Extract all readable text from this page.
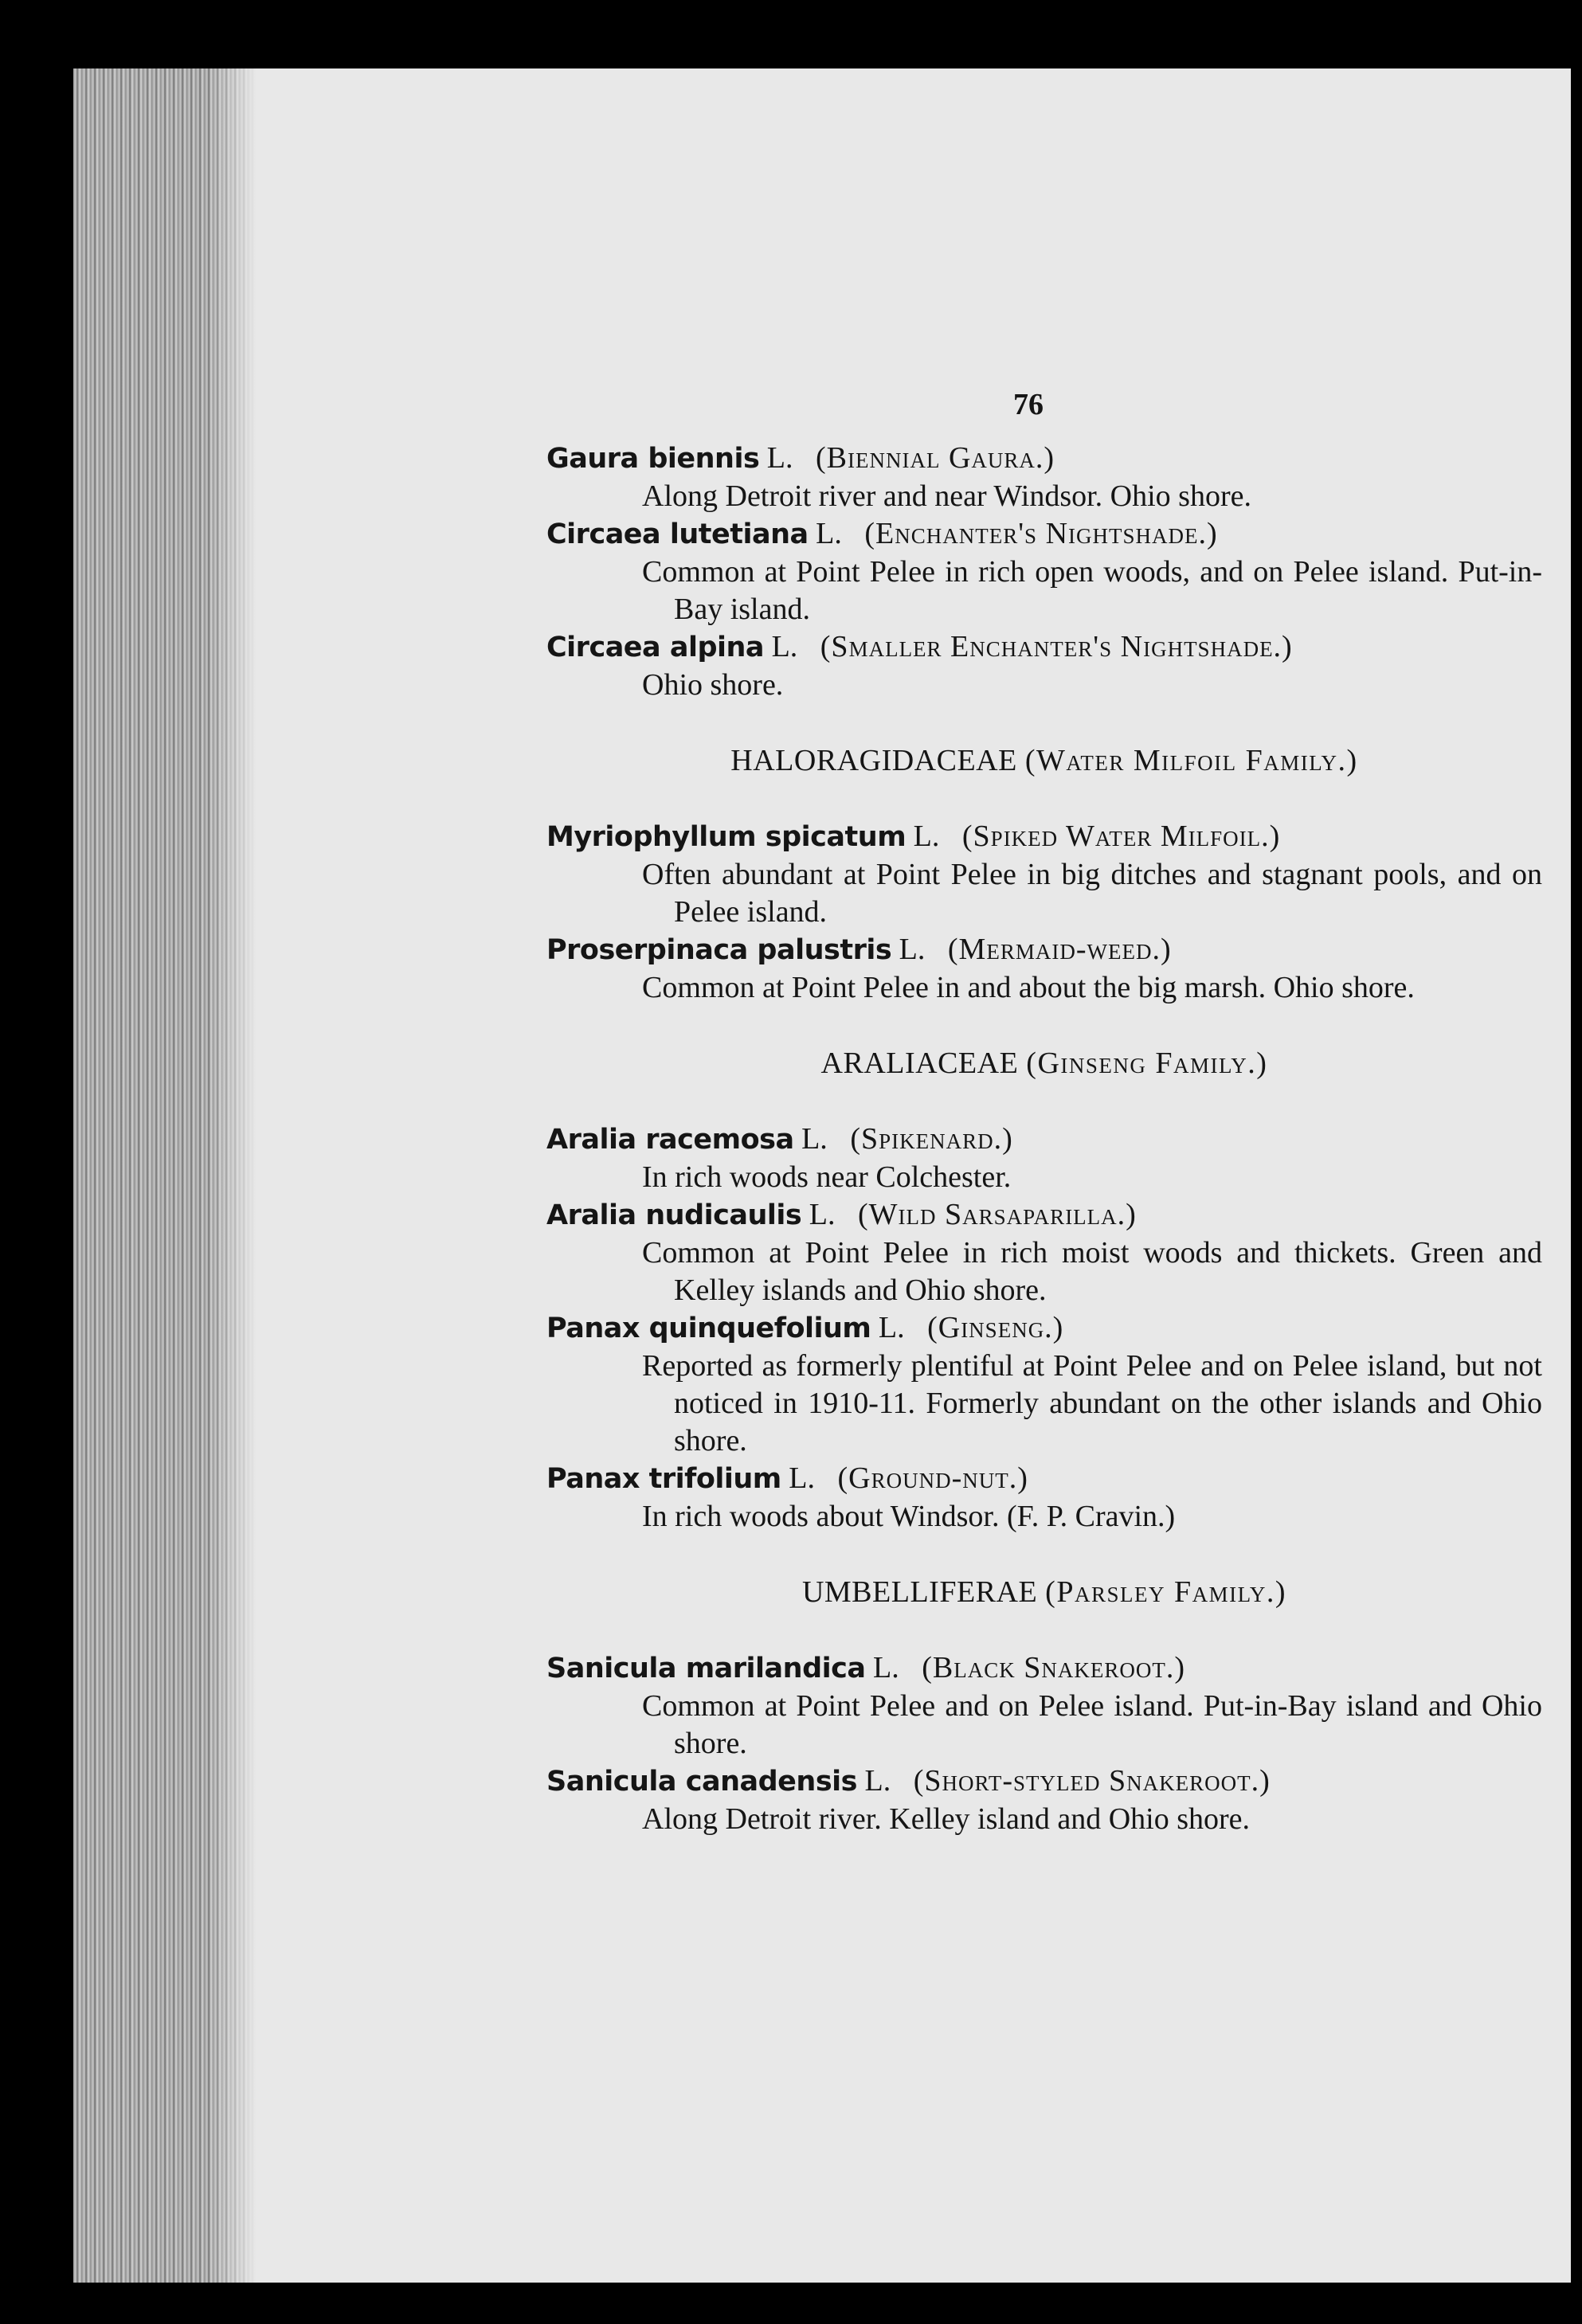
76
Gaura biennis L. (Biennial Gaura.)
Along Detroit river and near Windsor. Ohio shore.
Circaea lutetiana L. (Enchanter's Nightshade.)
Common at Point Pelee in rich open woods, and on Pelee island. Put-in-Bay island.
Circaea alpina L. (Smaller Enchanter's Nightshade.)
Ohio shore.
HALORAGIDACEAE (Water Milfoil Family.)
Myriophyllum spicatum L. (Spiked Water Milfoil.)
Often abundant at Point Pelee in big ditches and stagnant pools, and on Pelee island.
Proserpinaca palustris L. (Mermaid-weed.)
Common at Point Pelee in and about the big marsh. Ohio shore.
ARALIACEAE (Ginseng Family.)
Aralia racemosa L. (Spikenard.)
In rich woods near Colchester.
Aralia nudicaulis L. (Wild Sarsaparilla.)
Common at Point Pelee in rich moist woods and thickets. Green and Kelley islands and Ohio shore.
Panax quinquefolium L. (Ginseng.)
Reported as formerly plentiful at Point Pelee and on Pelee island, but not noticed in 1910-11. Formerly abundant on the other islands and Ohio shore.
Panax trifolium L. (Ground-nut.)
In rich woods about Windsor. (F. P. Cravin.)
UMBELLIFERAE (Parsley Family.)
Sanicula marilandica L. (Black Snakeroot.)
Common at Point Pelee and on Pelee island. Put-in-Bay island and Ohio shore.
Sanicula canadensis L. (Short-styled Snakeroot.)
Along Detroit river. Kelley island and Ohio shore.
